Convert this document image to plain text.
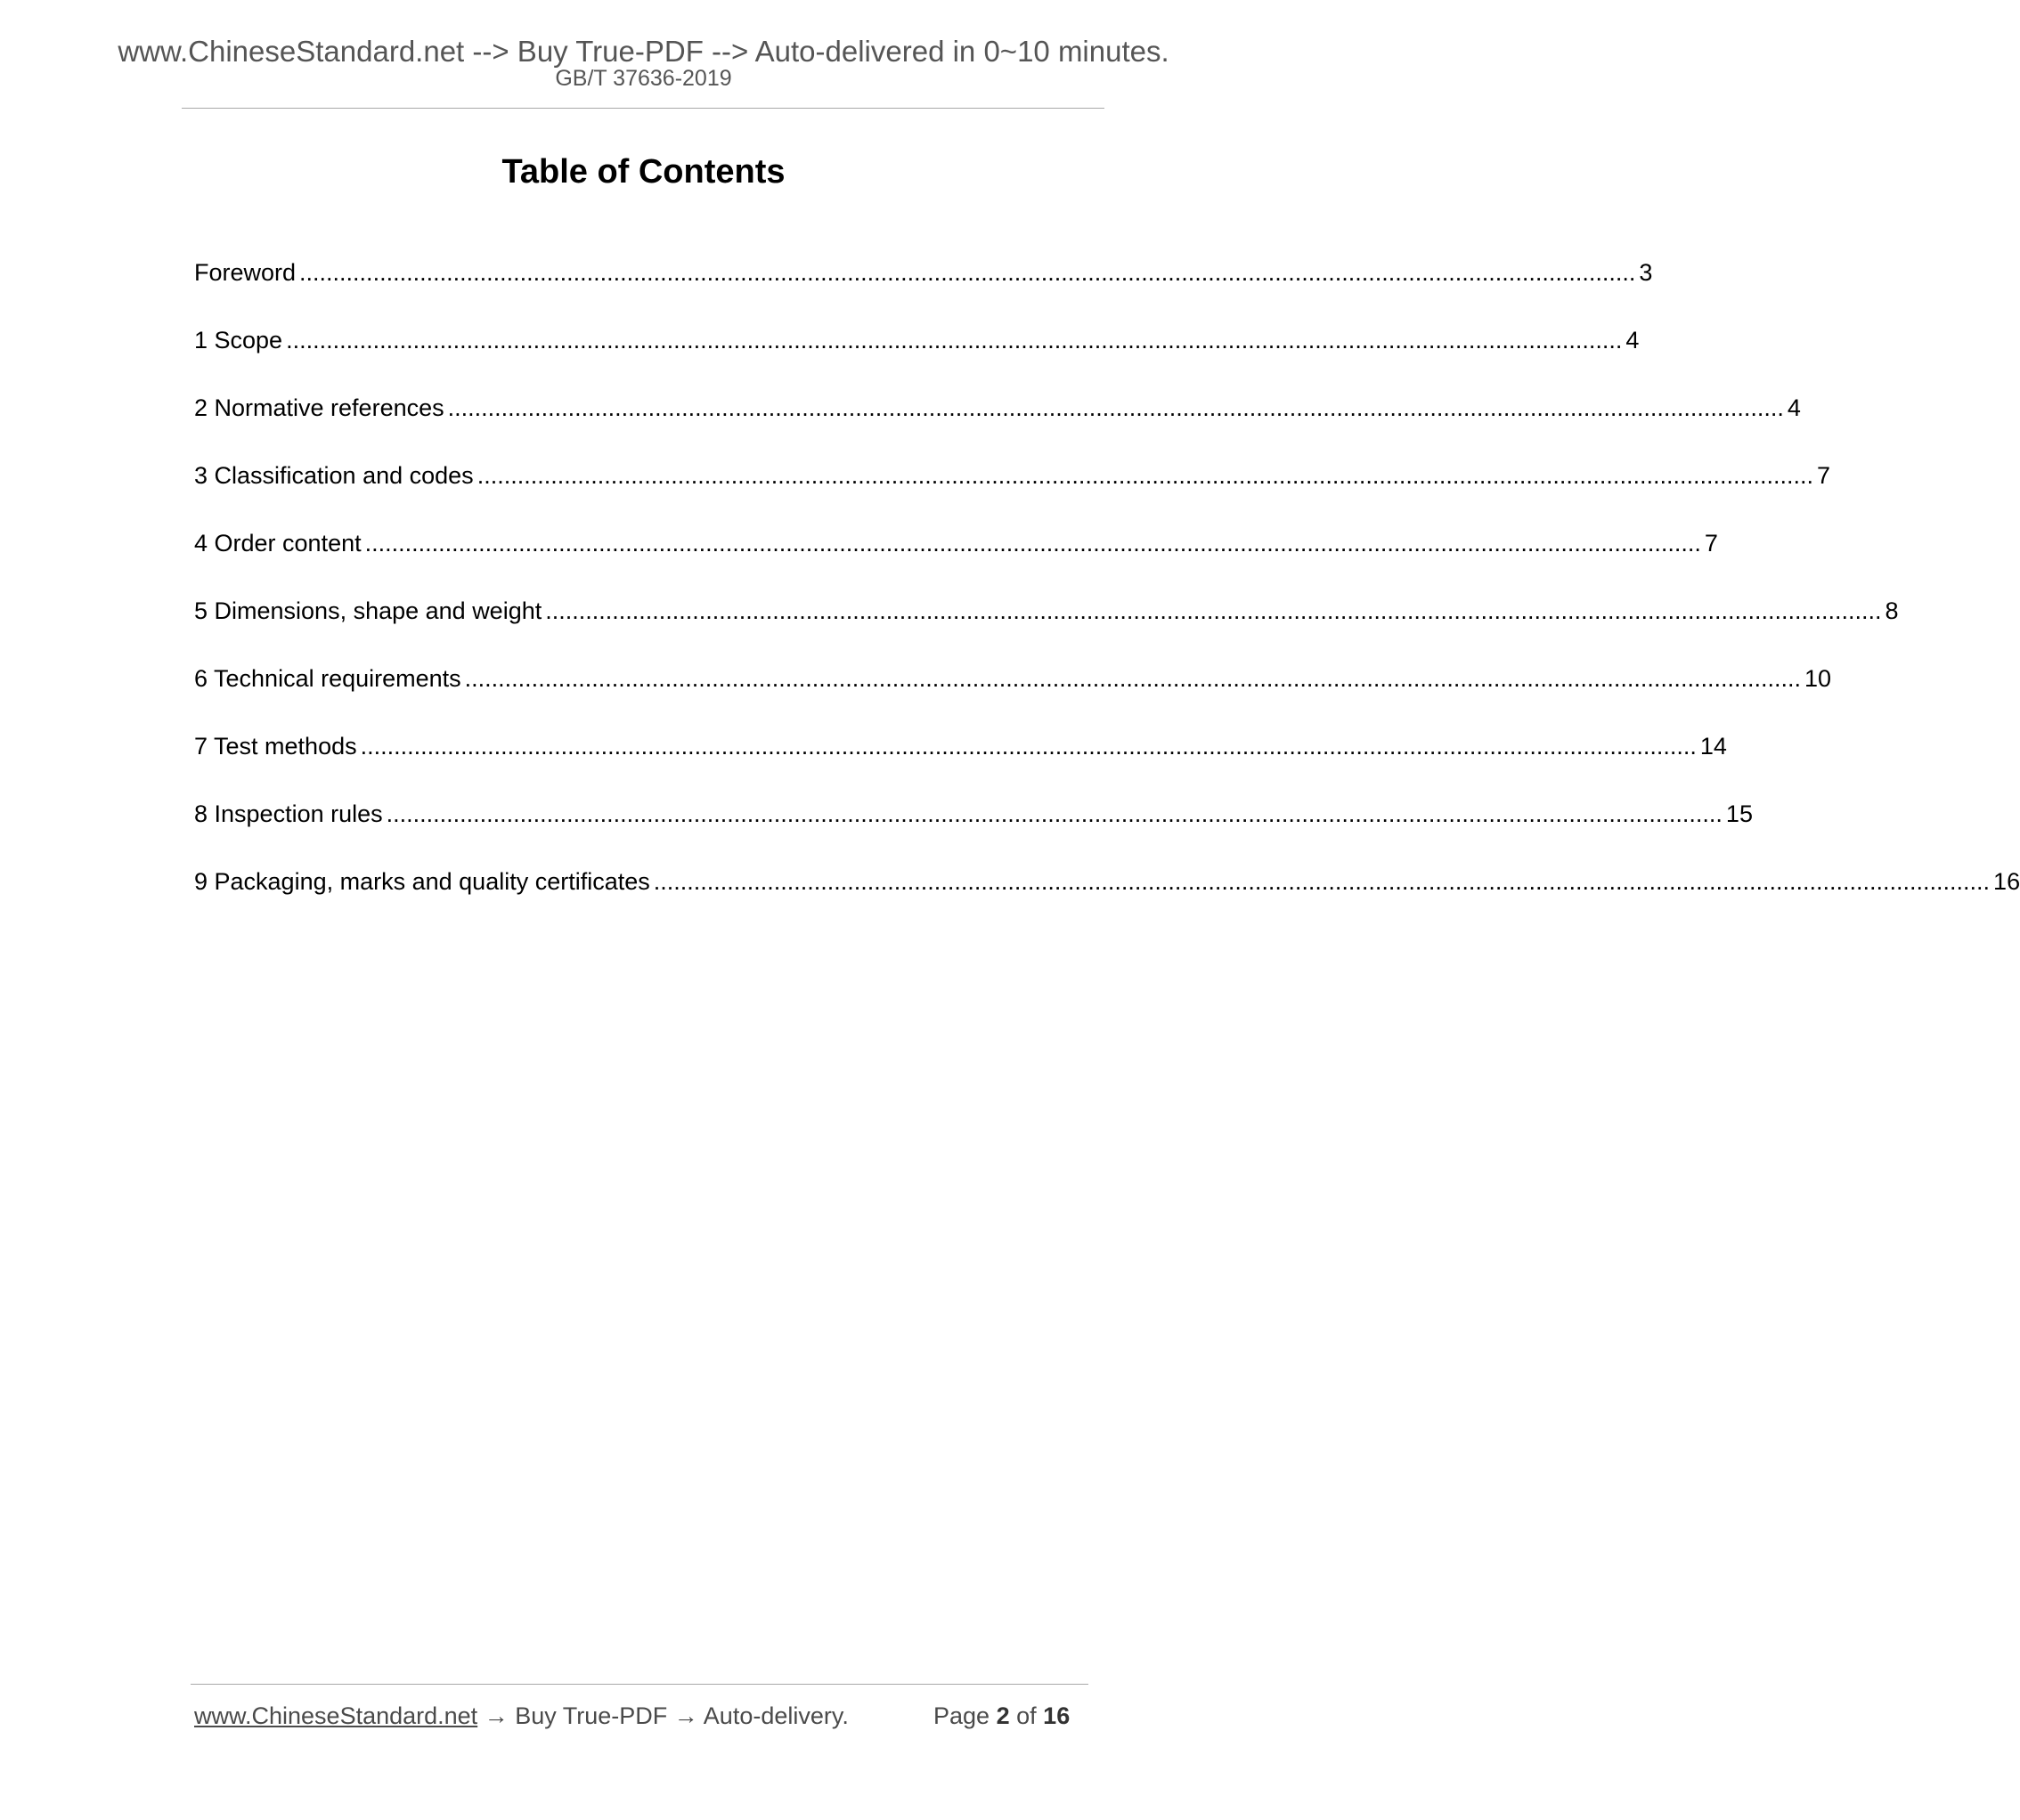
www.ChineseStandard.net --> Buy True-PDF --> Auto-delivered in 0~10 minutes.
GB/T 37636-2019
Table of Contents
Foreword ........................................................................................................................................................................................................ 3
1 Scope ........................................................................................................................................................................................................ 4
2 Normative references ........................................................................................................................................................................................................ 4
3 Classification and codes ........................................................................................................................................................................................................ 7
4 Order content ........................................................................................................................................................................................................ 7
5 Dimensions, shape and weight ........................................................................................................................................................................................................ 8
6 Technical requirements ........................................................................................................................................................................................................ 10
7 Test methods ........................................................................................................................................................................................................ 14
8 Inspection rules ........................................................................................................................................................................................................ 15
9 Packaging, marks and quality certificates ........................................................................................................................................................................................................ 16
www.ChineseStandard.net → Buy True-PDF → Auto-delivery.	Page 2 of 16
